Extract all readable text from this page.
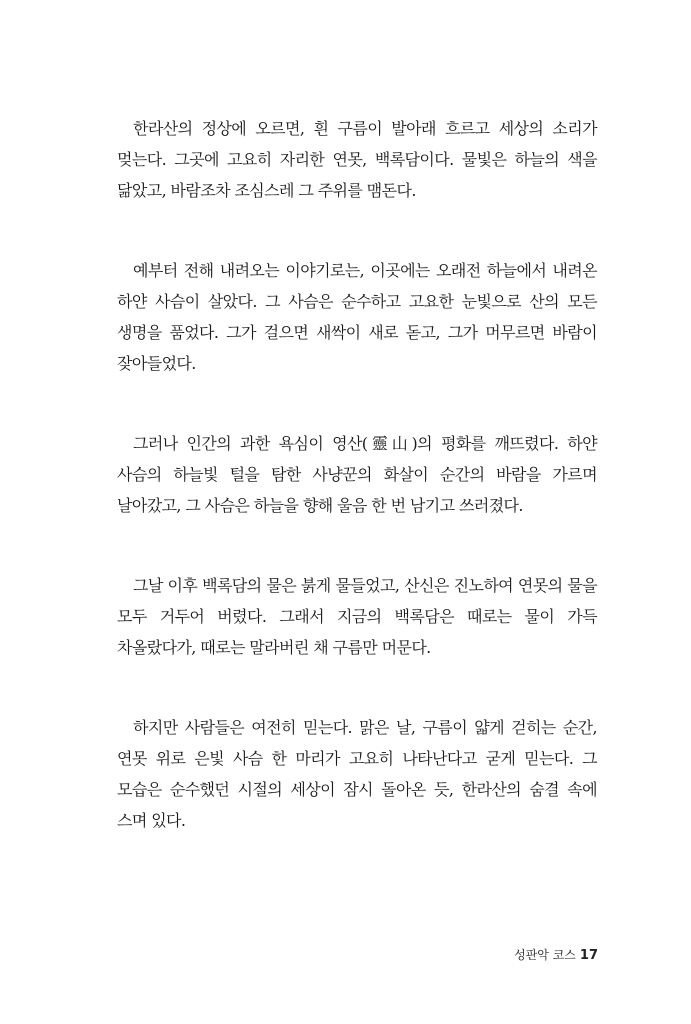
한라산의 정상에 오르면, 흰 구름이 발아래 흐르고 세상의 소리가 멎는다. 그곳에 고요히 자리한 연못, 백록담이다. 물빛은 하늘의 색을 닮았고, 바람조차 조심스레 그 주위를 맴돈다.

예부터 전해 내려오는 이야기로는, 이곳에는 오래전 하늘에서 내려온 하얀 사슴이 살았다. 그 사슴은 순수하고 고요한 눈빛으로 산의 모든 생명을 품었다. 그가 걸으면 새싹이 새로 돋고, 그가 머무르면 바람이 잦아들었다.

그러나 인간의 과한 욕심이 영산(靈山)의 평화를 깨뜨렸다. 하얀 사슴의 하늘빛 털을 탐한 사냥꾼의 화살이 순간의 바람을 가르며 날아갔고, 그 사슴은 하늘을 향해 울음 한 번 남기고 쓰러졌다.

그날 이후 백록담의 물은 붉게 물들었고, 산신은 진노하여 연못의 물을 모두 거두어 버렸다. 그래서 지금의 백록담은 때로는 물이 가득 차올랐다가, 때로는 말라버린 채 구름만 머문다.

하지만 사람들은 여전히 믿는다. 맑은 날, 구름이 얇게 걷히는 순간, 연못 위로 은빛 사슴 한 마리가 고요히 나타난다고 굳게 믿는다. 그 모습은 순수했던 시절의 세상이 잠시 돌아온 듯, 한라산의 숨결 속에 스며 있다.

성판악 코스 17
